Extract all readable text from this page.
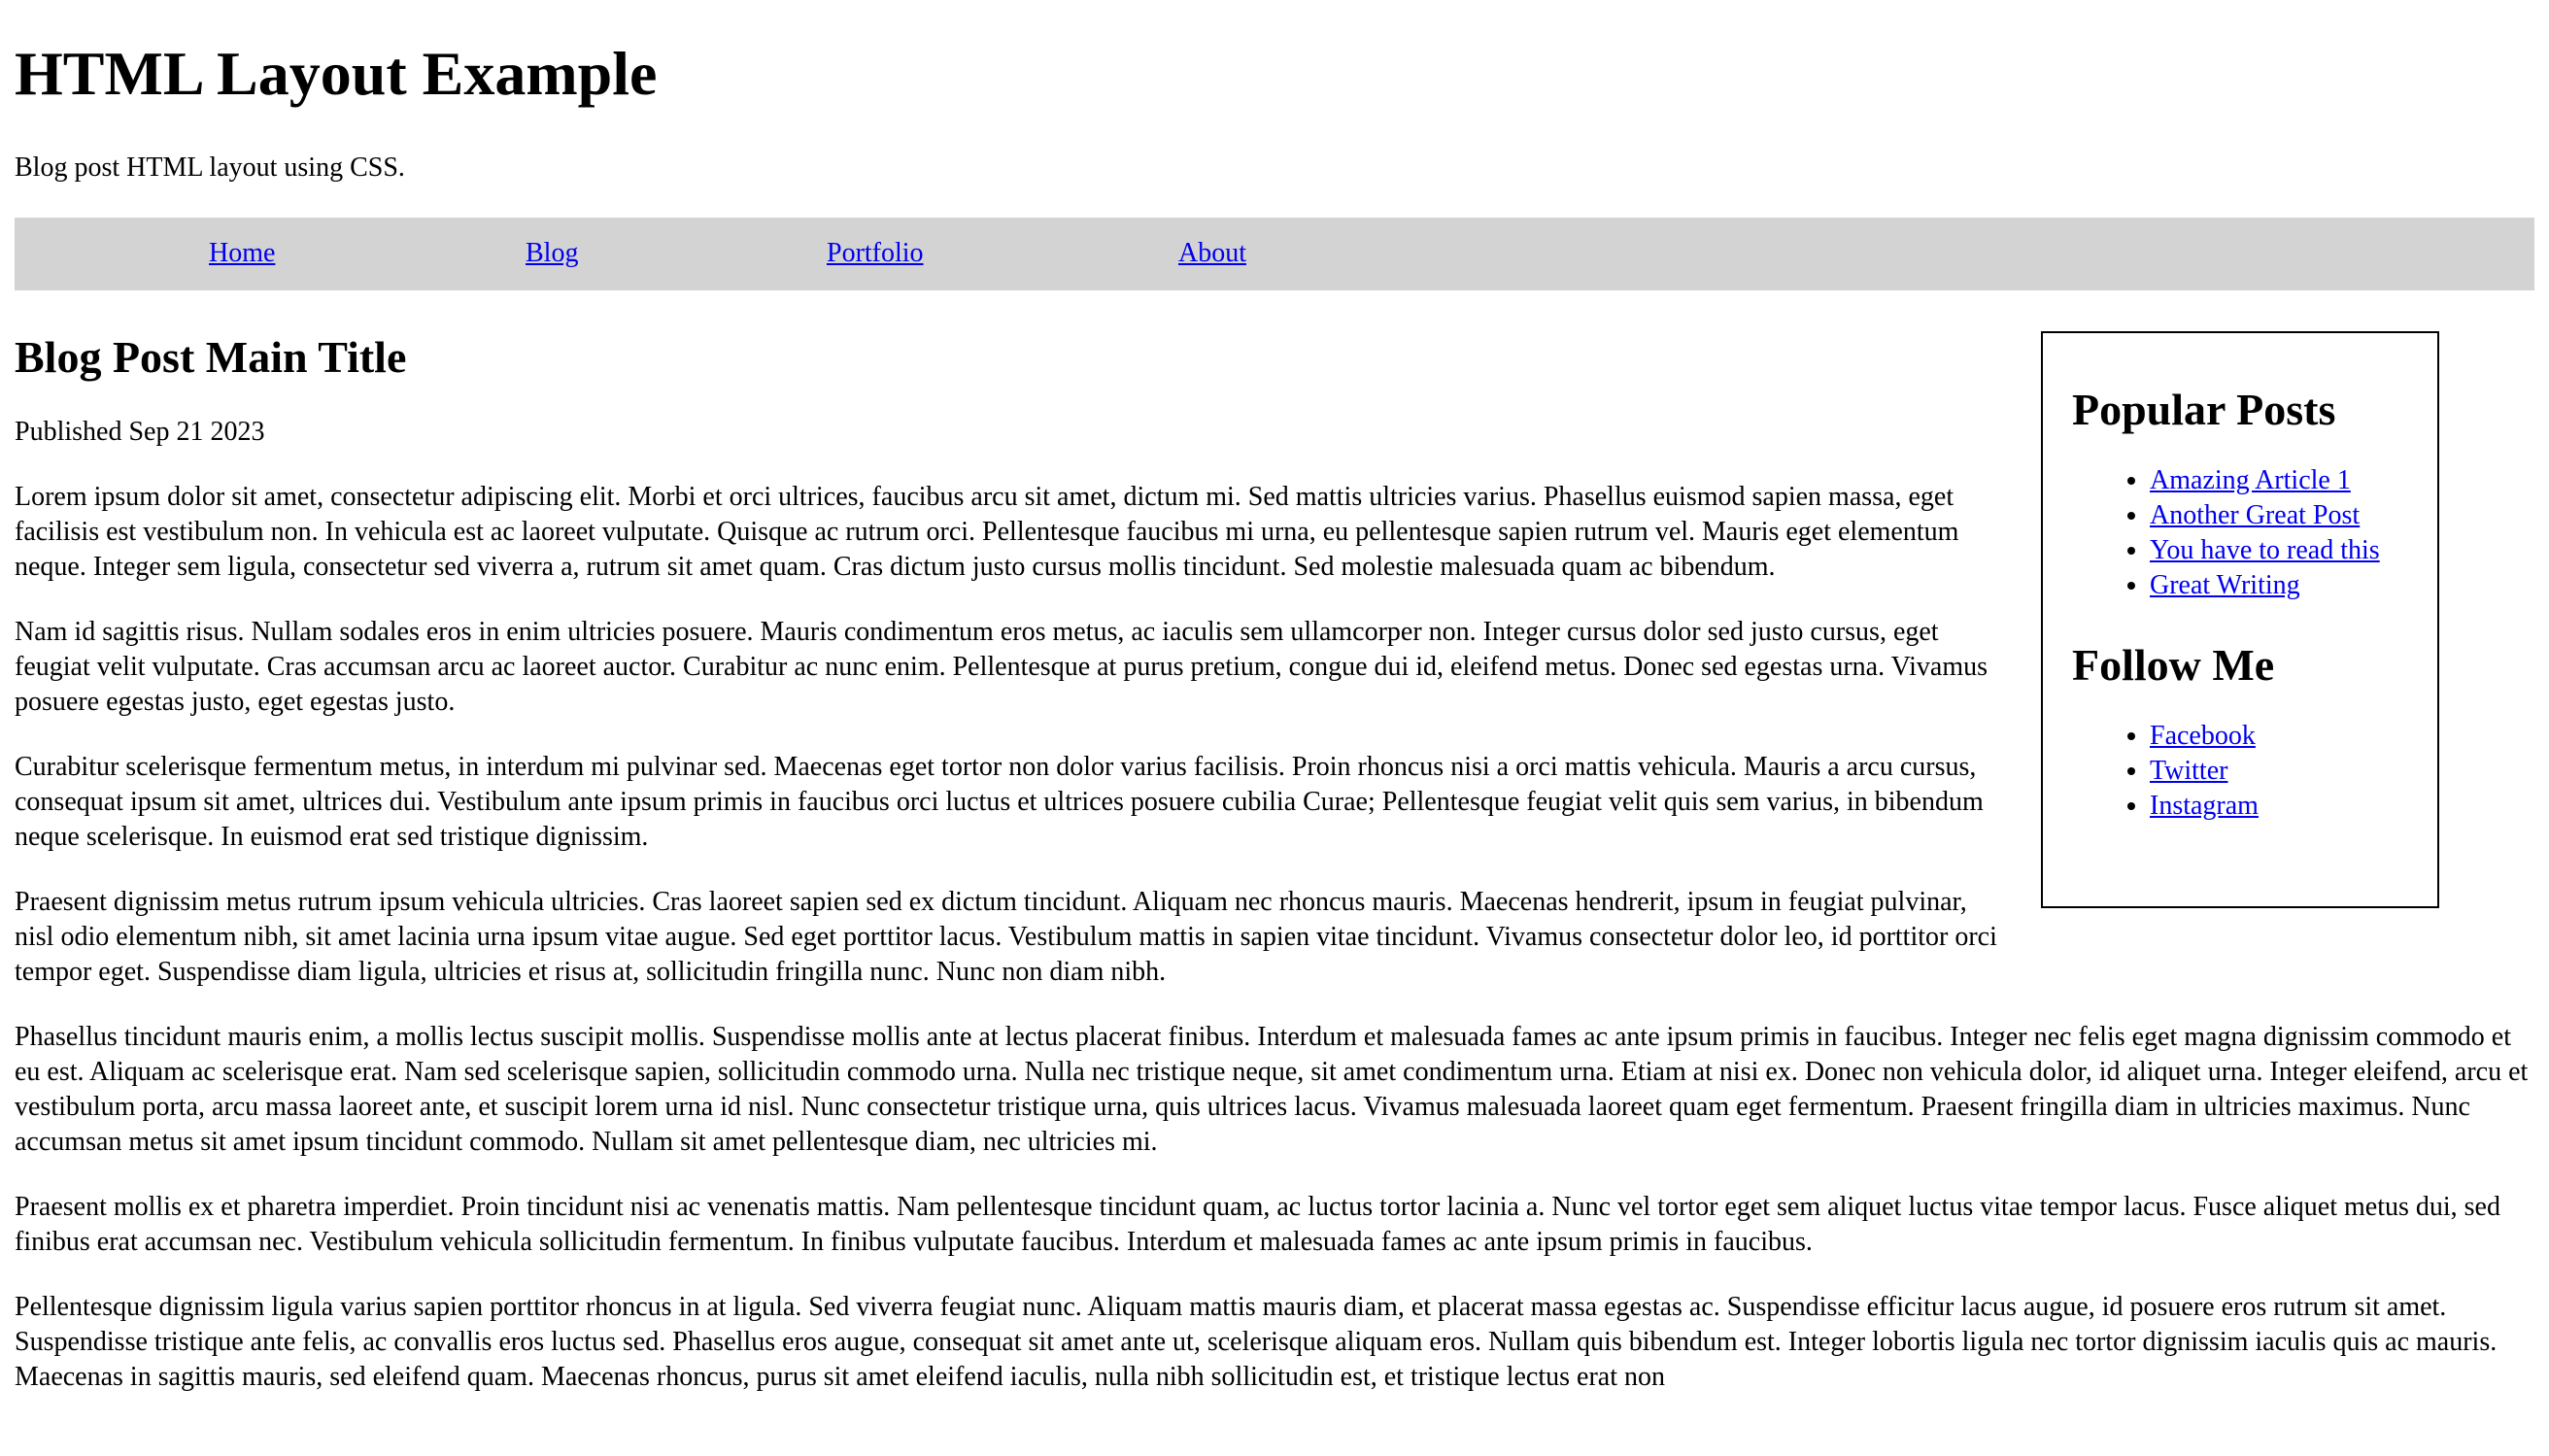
HTML Layout Example

Blog post HTML layout using CSS.

Home	Blog	Portfolio	About
Popular Posts
• Amazing Article 1
• Another Great Post
• You have to read this
• Great Writing
Follow Me
• Facebook
• Twitter
• Instagram
Blog Post Main Title

Published Sep 21 2023

Lorem ipsum dolor sit amet, consectetur adipiscing elit. Morbi et orci ultrices, faucibus arcu sit amet, dictum mi. Sed mattis ultricies varius. Phasellus euismod sapien massa, eget facilisis est vestibulum non. In vehicula est ac laoreet vulputate. Quisque ac rutrum orci. Pellentesque faucibus mi urna, eu pellentesque sapien rutrum vel. Mauris eget elementum neque. Integer sem ligula, consectetur sed viverra a, rutrum sit amet quam. Cras dictum justo cursus mollis tincidunt. Sed molestie malesuada quam ac bibendum.

Nam id sagittis risus. Nullam sodales eros in enim ultricies posuere. Mauris condimentum eros metus, ac iaculis sem ullamcorper non. Integer cursus dolor sed justo cursus, eget feugiat velit vulputate. Cras accumsan arcu ac laoreet auctor. Curabitur ac nunc enim. Pellentesque at purus pretium, congue dui id, eleifend metus. Donec sed egestas urna. Vivamus posuere egestas justo, eget egestas justo.

Curabitur scelerisque fermentum metus, in interdum mi pulvinar sed. Maecenas eget tortor non dolor varius facilisis. Proin rhoncus nisi a orci mattis vehicula. Mauris a arcu cursus, consequat ipsum sit amet, ultrices dui. Vestibulum ante ipsum primis in faucibus orci luctus et ultrices posuere cubilia Curae; Pellentesque feugiat velit quis sem varius, in bibendum neque scelerisque. In euismod erat sed tristique dignissim.

Praesent dignissim metus rutrum ipsum vehicula ultricies. Cras laoreet sapien sed ex dictum tincidunt. Aliquam nec rhoncus mauris. Maecenas hendrerit, ipsum in feugiat pulvinar, nisl odio elementum nibh, sit amet lacinia urna ipsum vitae augue. Sed eget porttitor lacus. Vestibulum mattis in sapien vitae tincidunt. Vivamus consectetur dolor leo, id porttitor orci tempor eget. Suspendisse diam ligula, ultricies et risus at, sollicitudin fringilla nunc. Nunc non diam nibh.

Phasellus tincidunt mauris enim, a mollis lectus suscipit mollis. Suspendisse mollis ante at lectus placerat finibus. Interdum et malesuada fames ac ante ipsum primis in faucibus. Integer nec felis eget magna dignissim commodo et eu est. Aliquam ac scelerisque erat. Nam sed scelerisque sapien, sollicitudin commodo urna. Nulla nec tristique neque, sit amet condimentum urna. Etiam at nisi ex. Donec non vehicula dolor, id aliquet urna. Integer eleifend, arcu et vestibulum porta, arcu massa laoreet ante, et suscipit lorem urna id nisl. Nunc consectetur tristique urna, quis ultrices lacus. Vivamus malesuada laoreet quam eget fermentum. Praesent fringilla diam in ultricies maximus. Nunc accumsan metus sit amet ipsum tincidunt commodo. Nullam sit amet pellentesque diam, nec ultricies mi.

Praesent mollis ex et pharetra imperdiet. Proin tincidunt nisi ac venenatis mattis. Nam pellentesque tincidunt quam, ac luctus tortor lacinia a. Nunc vel tortor eget sem aliquet luctus vitae tempor lacus. Fusce aliquet metus dui, sed finibus erat accumsan nec. Vestibulum vehicula sollicitudin fermentum. In finibus vulputate faucibus. Interdum et malesuada fames ac ante ipsum primis in faucibus.

Pellentesque dignissim ligula varius sapien porttitor rhoncus in at ligula. Sed viverra feugiat nunc. Aliquam mattis mauris diam, et placerat massa egestas ac. Suspendisse efficitur lacus augue, id posuere eros rutrum sit amet. Suspendisse tristique ante felis, ac convallis eros luctus sed. Phasellus eros augue, consequat sit amet ante ut, scelerisque aliquam eros. Nullam quis bibendum est. Integer lobortis ligula nec tortor dignissim iaculis quis ac mauris. Maecenas in sagittis mauris, sed eleifend quam. Maecenas rhoncus, purus sit amet eleifend iaculis, nulla nibh sollicitudin est, et tristique lectus erat non
